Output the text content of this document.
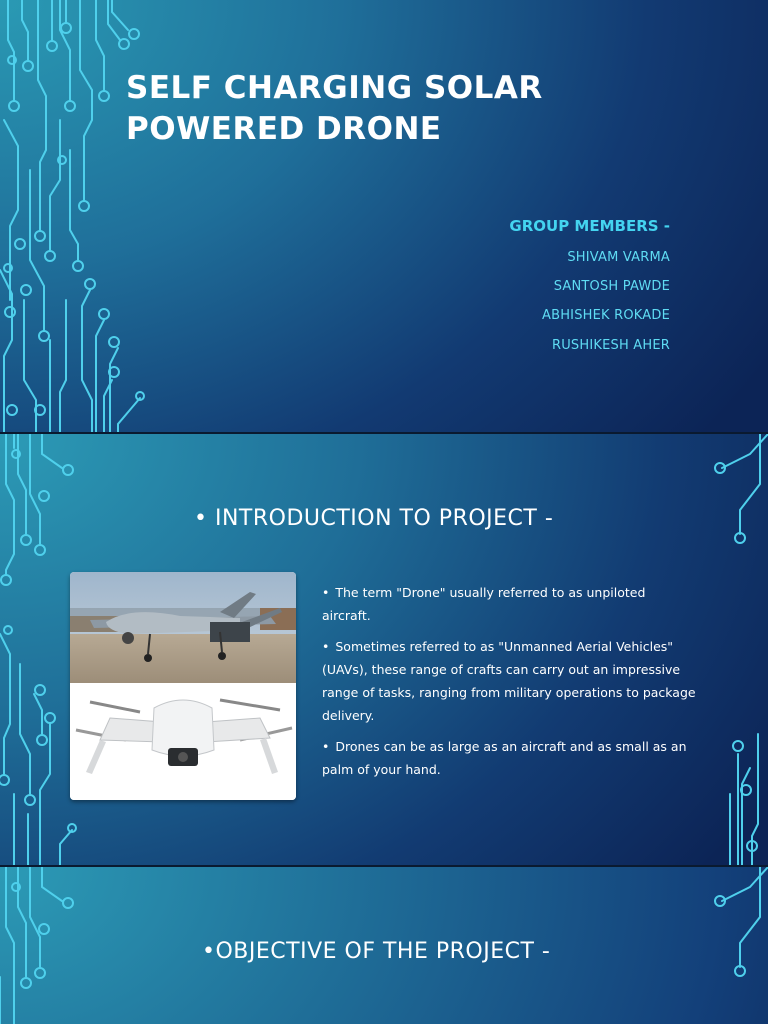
SELF CHARGING SOLAR
POWERED DRONE
GROUP MEMBERS -
SHIVAM VARMA
SANTOSH PAWDE
ABHISHEK ROKADE
RUSHIKESH AHER
• INTRODUCTION TO PROJECT -

• The term "Drone" usually referred to as unpiloted aircraft.

• Sometimes referred to as "Unmanned Aerial Vehicles" (UAVs), these range of crafts can carry out an impressive range of tasks, ranging from military operations to package delivery.

• Drones can be as large as an aircraft and as small as an palm of your hand.

•OBJECTIVE OF THE PROJECT -
